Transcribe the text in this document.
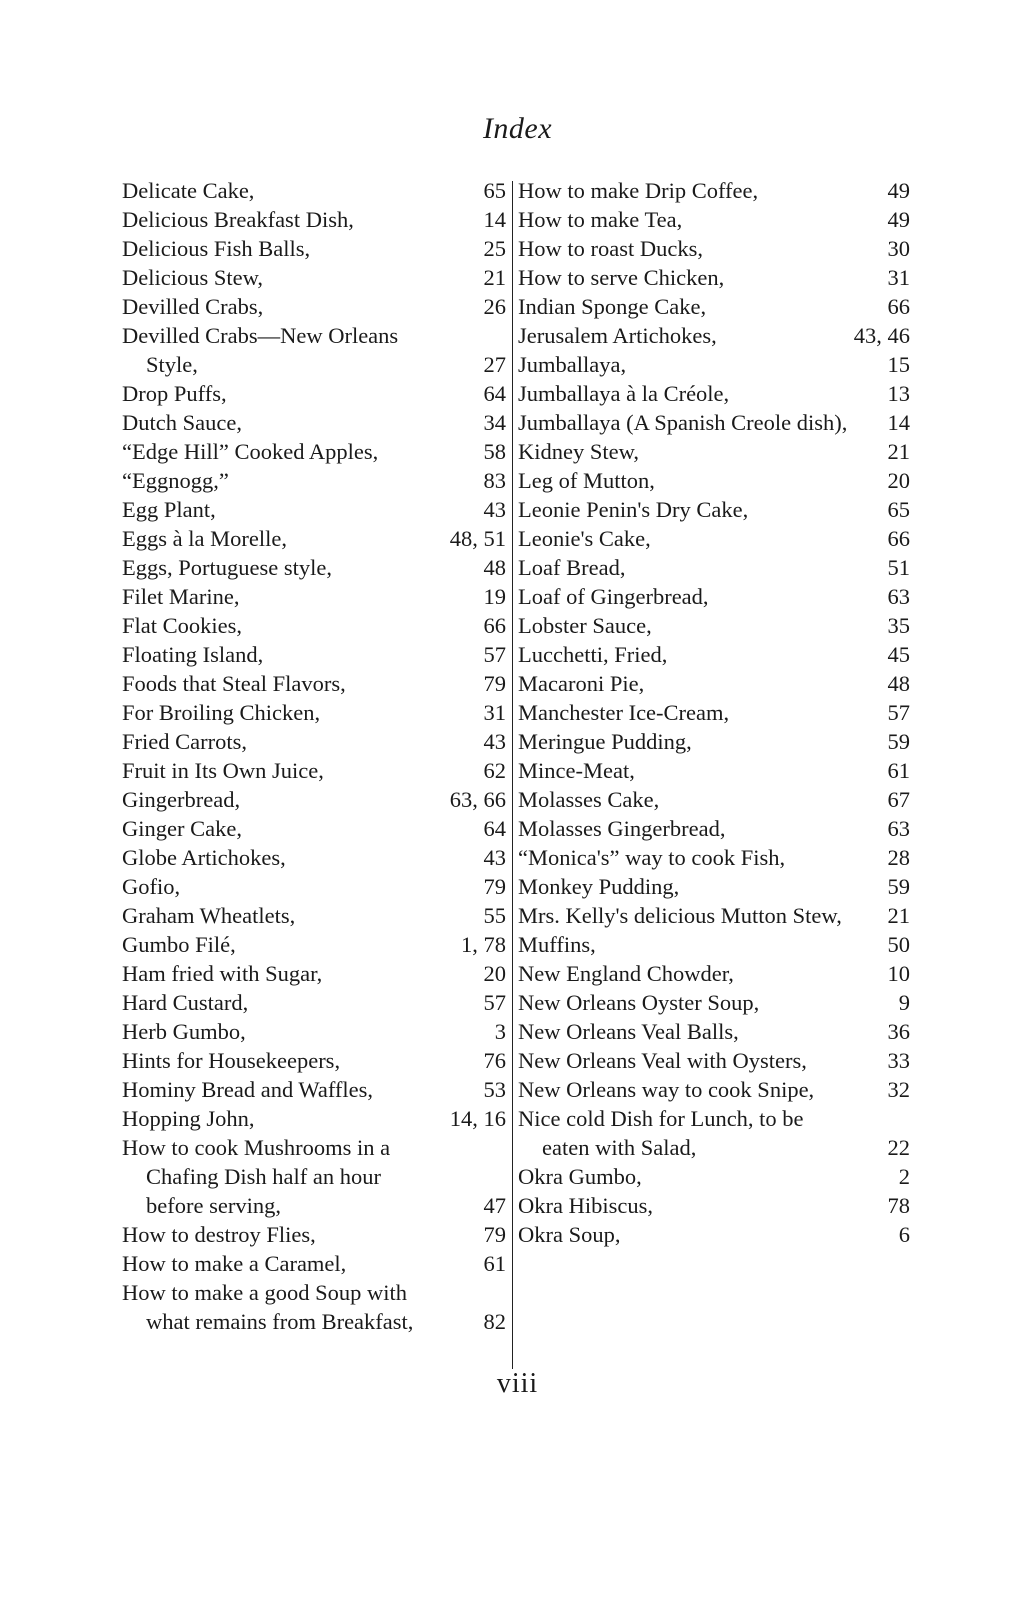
Index
Delicate Cake,	65
Delicious Breakfast Dish,	14
Delicious Fish Balls,	25
Delicious Stew,	21
Devilled Crabs,	26
Devilled Crabs—New Orleans Style,	27
Drop Puffs,	64
Dutch Sauce,	34
“Edge Hill” Cooked Apples,	58
“Eggnogg,”	83
Egg Plant,	43
Eggs à la Morelle,	48, 51
Eggs, Portuguese style,	48
Filet Marine,	19
Flat Cookies,	66
Floating Island,	57
Foods that Steal Flavors,	79
For Broiling Chicken,	31
Fried Carrots,	43
Fruit in Its Own Juice,	62
Gingerbread,	63, 66
Ginger Cake,	64
Globe Artichokes,	43
Gofio,	79
Graham Wheatlets,	55
Gumbo Filé,	1, 78
Ham fried with Sugar,	20
Hard Custard,	57
Herb Gumbo,	3
Hints for Housekeepers,	76
Hominy Bread and Waffles,	53
Hopping John,	14, 16
How to cook Mushrooms in a Chafing Dish half an hour before serving,	47
How to destroy Flies,	79
How to make a Caramel,	61
How to make a good Soup with what remains from Breakfast,	82
How to make Drip Coffee,	49
How to make Tea,	49
How to roast Ducks,	30
How to serve Chicken,	31
Indian Sponge Cake,	66
Jerusalem Artichokes,	43, 46
Jumballaya,	15
Jumballaya à la Créole,	13
Jumballaya (A Spanish Creole dish), 14
Kidney Stew,	21
Leg of Mutton,	20
Leonie Penin's Dry Cake,	65
Leonie's Cake,	66
Loaf Bread,	51
Loaf of Gingerbread,	63
Lobster Sauce,	35
Lucchetti, Fried,	45
Macaroni Pie,	48
Manchester Ice-Cream,	57
Meringue Pudding,	59
Mince-Meat,	61
Molasses Cake,	67
Molasses Gingerbread,	63
“Monica's” way to cook Fish,	28
Monkey Pudding,	59
Mrs. Kelly's delicious Mutton Stew, 21
Muffins,	50
New England Chowder,	10
New Orleans Oyster Soup,	9
New Orleans Veal Balls,	36
New Orleans Veal with Oysters,	33
New Orleans way to cook Snipe,	32
Nice cold Dish for Lunch, to be eaten with Salad,	22
Okra Gumbo,	2
Okra Hibiscus,	78
Okra Soup,	6
viii
